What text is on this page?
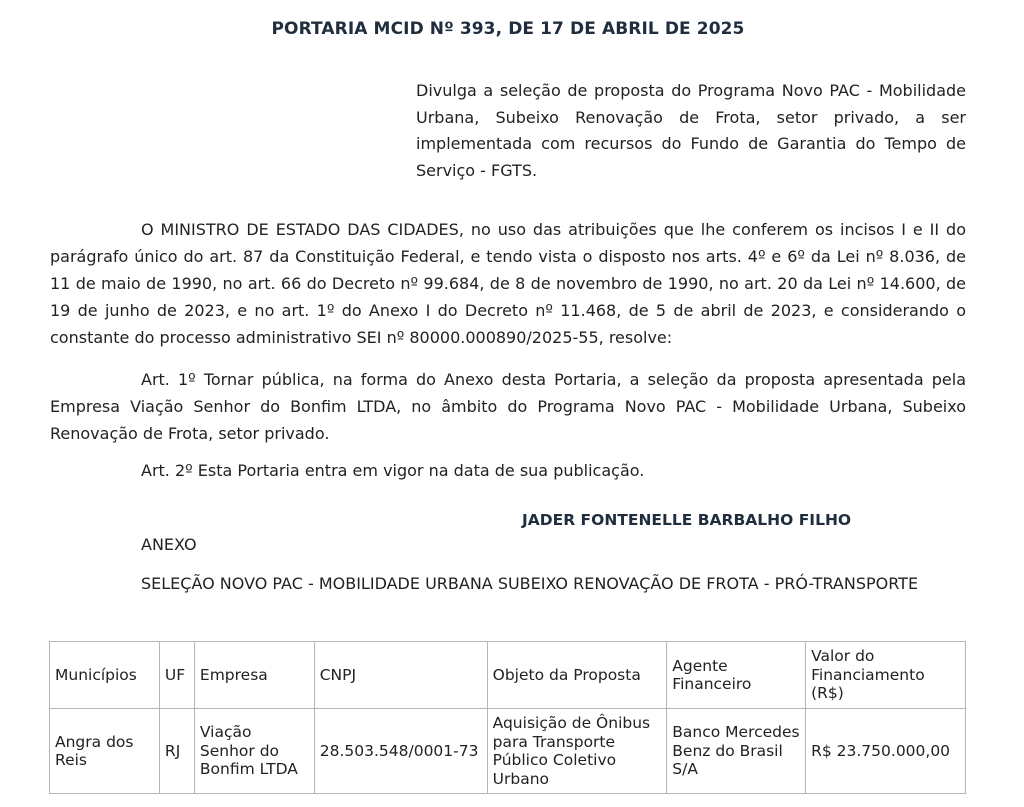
PORTARIA MCID Nº 393, DE 17 DE ABRIL DE 2025
Divulga a seleção de proposta do Programa Novo PAC - Mobilidade Urbana, Subeixo Renovação de Frota, setor privado, a ser implementada com recursos do Fundo de Garantia do Tempo de Serviço - FGTS.

O MINISTRO DE ESTADO DAS CIDADES, no uso das atribuições que lhe conferem os incisos I e II do parágrafo único do art. 87 da Constituição Federal, e tendo vista o disposto nos arts. 4º e 6º da Lei nº 8.036, de 11 de maio de 1990, no art. 66 do Decreto nº 99.684, de 8 de novembro de 1990, no art. 20 da Lei nº 14.600, de 19 de junho de 2023, e no art. 1º do Anexo I do Decreto nº 11.468, de 5 de abril de 2023, e considerando o constante do processo administrativo SEI nº 80000.000890/2025-55, resolve:

Art. 1º Tornar pública, na forma do Anexo desta Portaria, a seleção da proposta apresentada pela Empresa Viação Senhor do Bonfim LTDA, no âmbito do Programa Novo PAC - Mobilidade Urbana, Subeixo Renovação de Frota, setor privado.

Art. 2º Esta Portaria entra em vigor na data de sua publicação.

JADER FONTENELLE BARBALHO FILHO
ANEXO

SELEÇÃO NOVO PAC - MOBILIDADE URBANA SUBEIXO RENOVAÇÃO DE FROTA - PRÓ-TRANSPORTE

Municípios	UF	Empresa	CNPJ	Objeto da Proposta	Agente Financeiro	Valor do Financiamento (R$)
Angra dos Reis	RJ	Viação Senhor do Bonfim LTDA	28.503.548/0001-73	Aquisição de Ônibus para Transporte Público Coletivo Urbano	Banco Mercedes Benz do Brasil S/A	R$ 23.750.000,00
